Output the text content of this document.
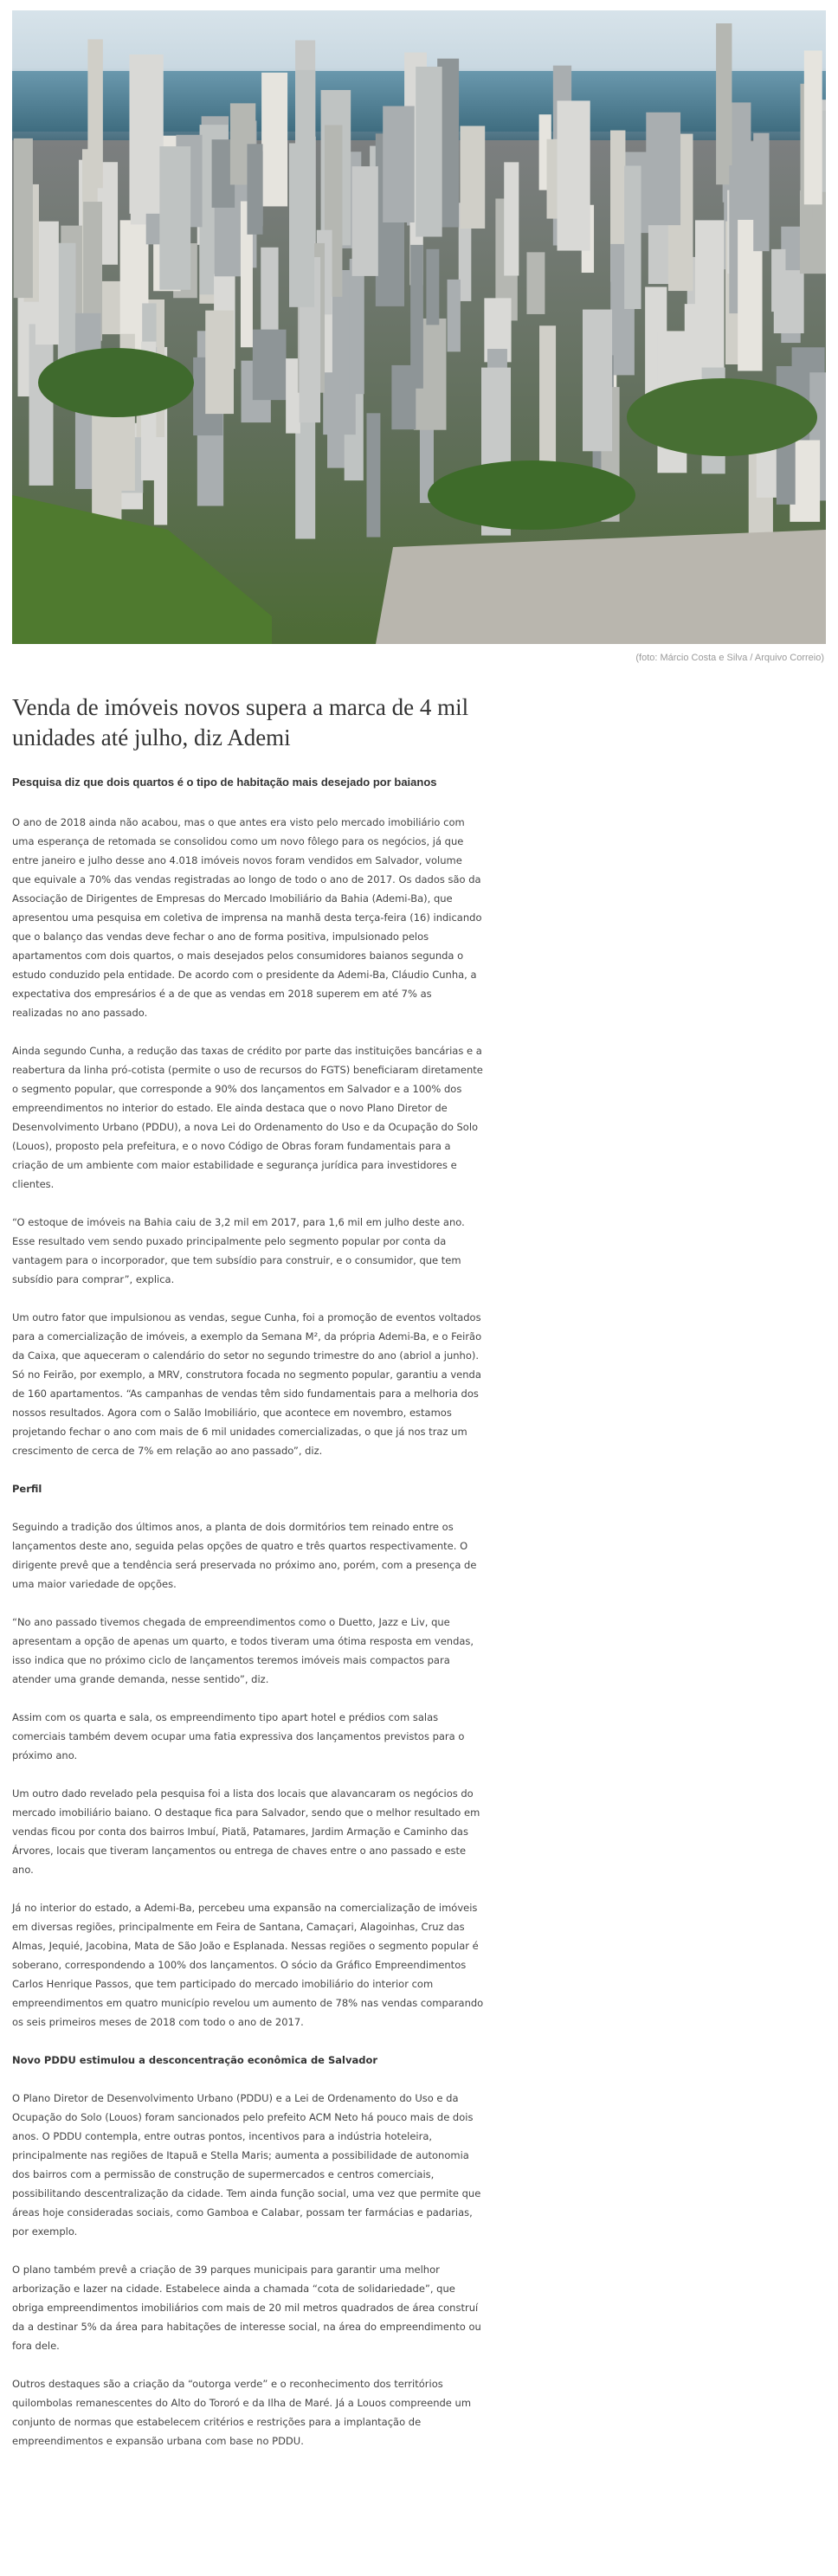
(foto: Márcio Costa e Silva / Arquivo Correio)
Venda de imóveis novos supera a marca de 4 mil unidades até julho, diz Ademi
Pesquisa diz que dois quartos é o tipo de habitação mais desejado por baianos

O ano de 2018 ainda não acabou, mas o que antes era visto pelo mercado imobiliário com uma esperança de retomada se consolidou como um novo fôlego para os negócios, já que entre janeiro e julho desse ano 4.018 imóveis novos foram vendidos em Salvador, volume que equivale a 70% das vendas registradas ao longo de todo o ano de 2017. Os dados são da Associação de Dirigentes de Empresas do Mercado Imobiliário da Bahia (Ademi-Ba), que apresentou uma pesquisa em coletiva de imprensa na manhã desta terça-feira (16) indicando que o balanço das vendas deve fechar o ano de forma positiva, impulsionado pelos apartamentos com dois quartos, o mais desejados pelos consumidores baianos segunda o estudo conduzido pela entidade. De acordo com o presidente da Ademi-Ba, Cláudio Cunha, a expectativa dos empresários é a de que as vendas em 2018 superem em até 7% as realizadas no ano passado.

Ainda segundo Cunha, a redução das taxas de crédito por parte das instituições bancárias e a reabertura da linha pró-cotista (permite o uso de recursos do FGTS) beneficiaram diretamente o segmento popular, que corresponde a 90% dos lançamentos em Salvador e a 100% dos empreendimentos no interior do estado. Ele ainda destaca que o novo Plano Diretor de Desenvolvimento Urbano (PDDU), a nova Lei do Ordenamento do Uso e da Ocupação do Solo (Louos), proposto pela prefeitura, e o novo Código de Obras foram fundamentais para a criação de um ambiente com maior estabilidade e segurança jurídica para investidores e clientes.

“O estoque de imóveis na Bahia caiu de 3,2 mil em 2017, para 1,6 mil em julho deste ano. Esse resultado vem sendo puxado principalmente pelo segmento popular por conta da vantagem para o incorporador, que tem subsídio para construir, e o consumidor, que tem subsídio para comprar”, explica.

Um outro fator que impulsionou as vendas, segue Cunha, foi a promoção de eventos voltados para a comercialização de imóveis, a exemplo da Semana M², da própria Ademi-Ba, e o Feirão da Caixa, que aqueceram o calendário do setor no segundo trimestre do ano (abriol a junho). Só no Feirão, por exemplo, a MRV, construtora focada no segmento popular, garantiu a venda de 160 apartamentos. “As campanhas de vendas têm sido fundamentais para a melhoria dos nossos resultados. Agora com o Salão Imobiliário, que acontece em novembro, estamos projetando fechar o ano com mais de 6 mil unidades comercializadas, o que já nos traz um crescimento de cerca de 7% em relação ao ano passado”, diz.

Perfil

Seguindo a tradição dos últimos anos, a planta de dois dormitórios tem reinado entre os lançamentos deste ano, seguida pelas opções de quatro e três quartos respectivamente. O dirigente prevê que a tendência será preservada no próximo ano, porém, com a presença de uma maior variedade de opções.

“No ano passado tivemos chegada de empreendimentos como o Duetto, Jazz e Liv, que apresentam a opção de apenas um quarto, e todos tiveram uma ótima resposta em vendas, isso indica que no próximo ciclo de lançamentos teremos imóveis mais compactos para atender uma grande demanda, nesse sentido”, diz.

Assim com os quarta e sala, os empreendimento tipo apart hotel e prédios com salas comerciais também devem ocupar uma fatia expressiva dos lançamentos previstos para o próximo ano.

Um outro dado revelado pela pesquisa foi a lista dos locais que alavancaram os negócios do mercado imobiliário baiano. O destaque fica para Salvador, sendo que o melhor resultado em vendas ficou por conta dos bairros Imbuí, Piatã, Patamares, Jardim Armação e Caminho das Árvores, locais que tiveram lançamentos ou entrega de chaves entre o ano passado e este ano.

Já no interior do estado, a Ademi-Ba, percebeu uma expansão na comercialização de imóveis em diversas regiões, principalmente em Feira de Santana, Camaçari, Alagoinhas, Cruz das Almas, Jequié, Jacobina, Mata de São João e Esplanada. Nessas regiões o segmento popular é soberano, correspondendo a 100% dos lançamentos. O sócio da Gráfico Empreendimentos Carlos Henrique Passos, que tem participado do mercado imobiliário do interior com empreendimentos em quatro município revelou um aumento de 78% nas vendas comparando os seis primeiros meses de 2018 com todo o ano de 2017.

Novo PDDU estimulou a desconcentração econômica de Salvador

O Plano Diretor de Desenvolvimento Urbano (PDDU) e a Lei de Ordenamento do Uso e da Ocupação do Solo (Louos) foram sancionados pelo prefeito ACM Neto há pouco mais de dois anos. O PDDU contempla, entre outras pontos, incentivos para a indústria hoteleira, principalmente nas regiões de Itapuã e Stella Maris; aumenta a possibilidade de autonomia dos bairros com a permissão de construção de supermercados e centros comerciais, possibilitando descentralização da cidade. Tem ainda função social, uma vez que permite que áreas hoje consideradas sociais, como Gamboa e Calabar, possam ter farmácias e padarias, por exemplo.

O plano também prevê a criação de 39 parques municipais para garantir uma melhor arborização e lazer na cidade. Estabelece ainda a chamada “cota de solidariedade”, que obriga empreendimentos imobiliários com mais de 20 mil metros quadrados de área construí da a destinar 5% da área para habitações de interesse social, na área do empreendimento ou fora dele.

Outros destaques são a criação da “outorga verde” e o reconhecimento dos territórios quilombolas remanescentes do Alto do Tororó e da Ilha de Maré. Já a Louos compreende um conjunto de normas que estabelecem critérios e restrições para a implantação de empreendimentos e expansão urbana com base no PDDU.
